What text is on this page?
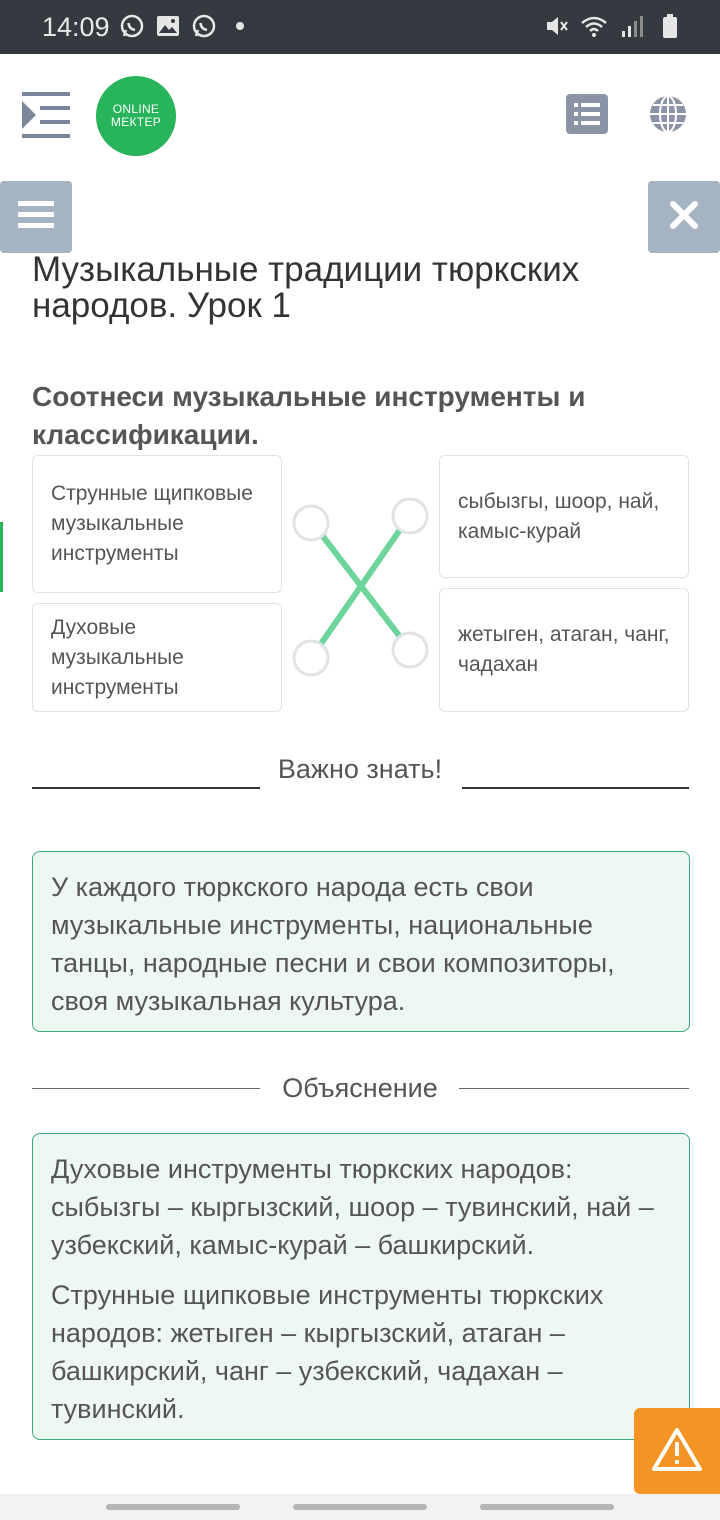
14:09
ONLINE
МЕКТЕР
Музыкальные традиции тюркских народов. Урок 1
Соотнеси музыкальные инструменты и классификации.
Струнные щипковые музыкальные инструменты
Духовые музыкальные инструменты
сыбызгы, шоор, най, камыс-курай
жетыген, атаган, чанг, чадахан
Важно знать!
У каждого тюркского народа есть свои музыкальные инструменты, национальные танцы, народные песни и свои композиторы, своя музыкальная культура.
Объяснение

Духовые инструменты тюркских народов: сыбызгы – кыргызский, шоор – тувинский, най – узбекский, камыс-курай – башкирский.

Струнные щипковые инструменты тюркских народов: жетыген – кыргызский, атаган – башкирский, чанг – узбекский, чадахан – тувинский.
